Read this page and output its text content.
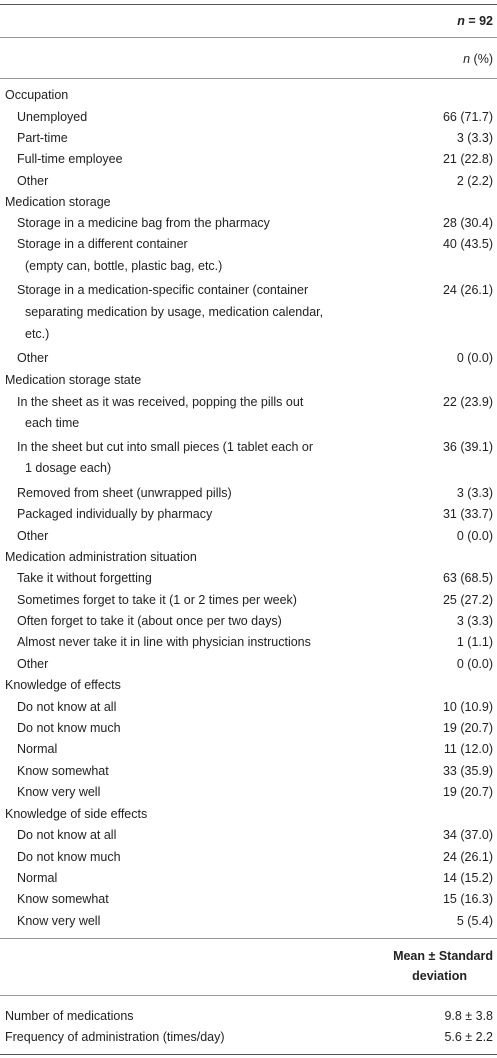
n = 92
n (%)
Occupation
Unemployed	66 (71.7)
Part-time	3 (3.3)
Full-time employee	21 (22.8)
Other	2 (2.2)
Medication storage
Storage in a medicine bag from the pharmacy	28 (30.4)
Storage in a different container	40 (43.5)
(empty can, bottle, plastic bag, etc.)
Storage in a medication-specific container (container	24 (26.1)
separating medication by usage, medication calendar,
etc.)
Other	0 (0.0)
Medication storage state
In the sheet as it was received, popping the pills out	22 (23.9)
each time
In the sheet but cut into small pieces (1 tablet each or	36 (39.1)
1 dosage each)
Removed from sheet (unwrapped pills)	3 (3.3)
Packaged individually by pharmacy	31 (33.7)
Other	0 (0.0)
Medication administration situation
Take it without forgetting	63 (68.5)
Sometimes forget to take it (1 or 2 times per week)	25 (27.2)
Often forget to take it (about once per two days)	3 (3.3)
Almost never take it in line with physician instructions	1 (1.1)
Other	0 (0.0)
Knowledge of effects
Do not know at all	10 (10.9)
Do not know much	19 (20.7)
Normal	11 (12.0)
Know somewhat	33 (35.9)
Know very well	19 (20.7)
Knowledge of side effects
Do not know at all	34 (37.0)
Do not know much	24 (26.1)
Normal	14 (15.2)
Know somewhat	15 (16.3)
Know very well	5 (5.4)
Mean ± Standard
deviation
Number of medications	9.8 ± 3.8
Frequency of administration (times/day)	5.6 ± 2.2
